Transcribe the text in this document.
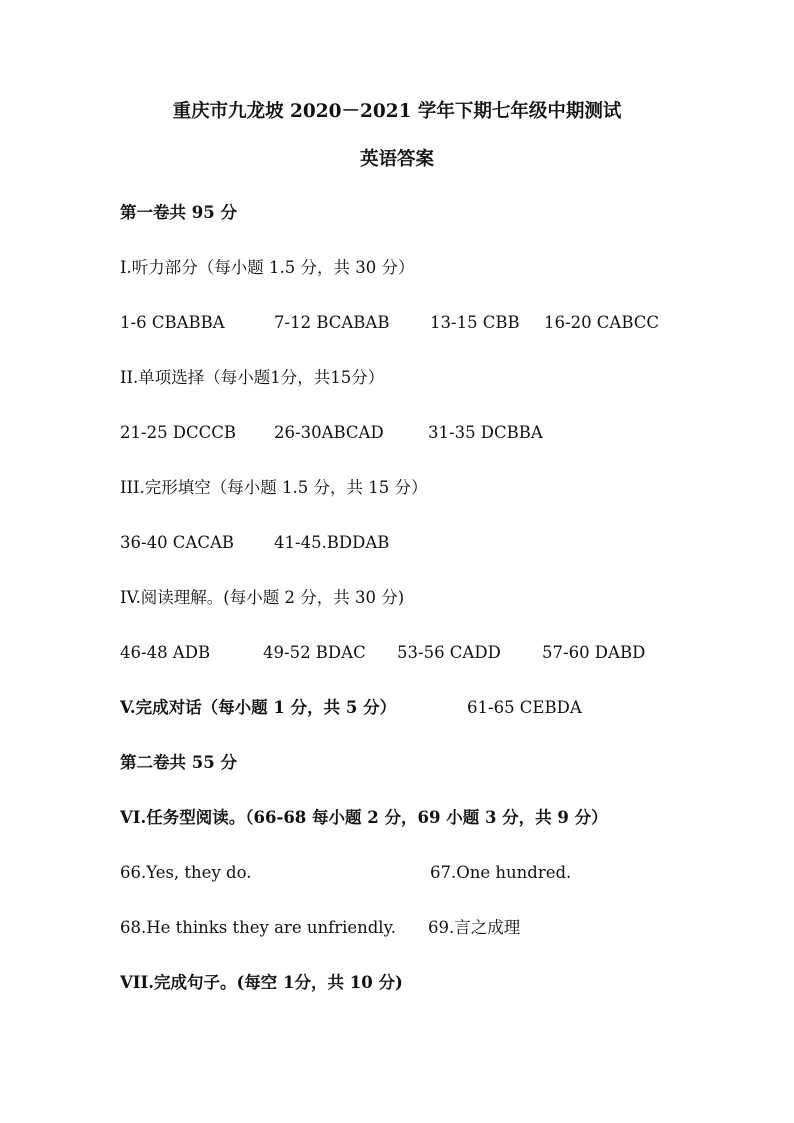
重庆市九龙坡 2020－2021 学年下期七年级中期测试
英语答案
第一卷共 95 分
I.听力部分（每小题 1.5 分，共 30 分）
1-6 CBABBA	7-12 BCABAB 13-15 CBB 16-20 CABCC
II.单项选择（每小题1分，共15分）
21-25 DCCCB 26-30ABCAD	31-35 DCBBA
III.完形填空（每小题 1.5 分，共 15 分）
36-40 CACAB 41-45.BDDAB
IV.阅读理解。(每小题 2 分，共 30 分)
46-48 ADB	49-52 BDAC 53-56 CADD 57-60 DABD
V.完成对话（每小题 1 分，共 5 分）	61-65 CEBDA
第二卷共 55 分
VI.任务型阅读。（66-68 每小题 2 分，69 小题 3 分，共 9 分）
66.Yes, they do.	67.One hundred.
68.He thinks they are unfriendly. 69.言之成理
VII.完成句子。(每空 1分，共 10 分)
